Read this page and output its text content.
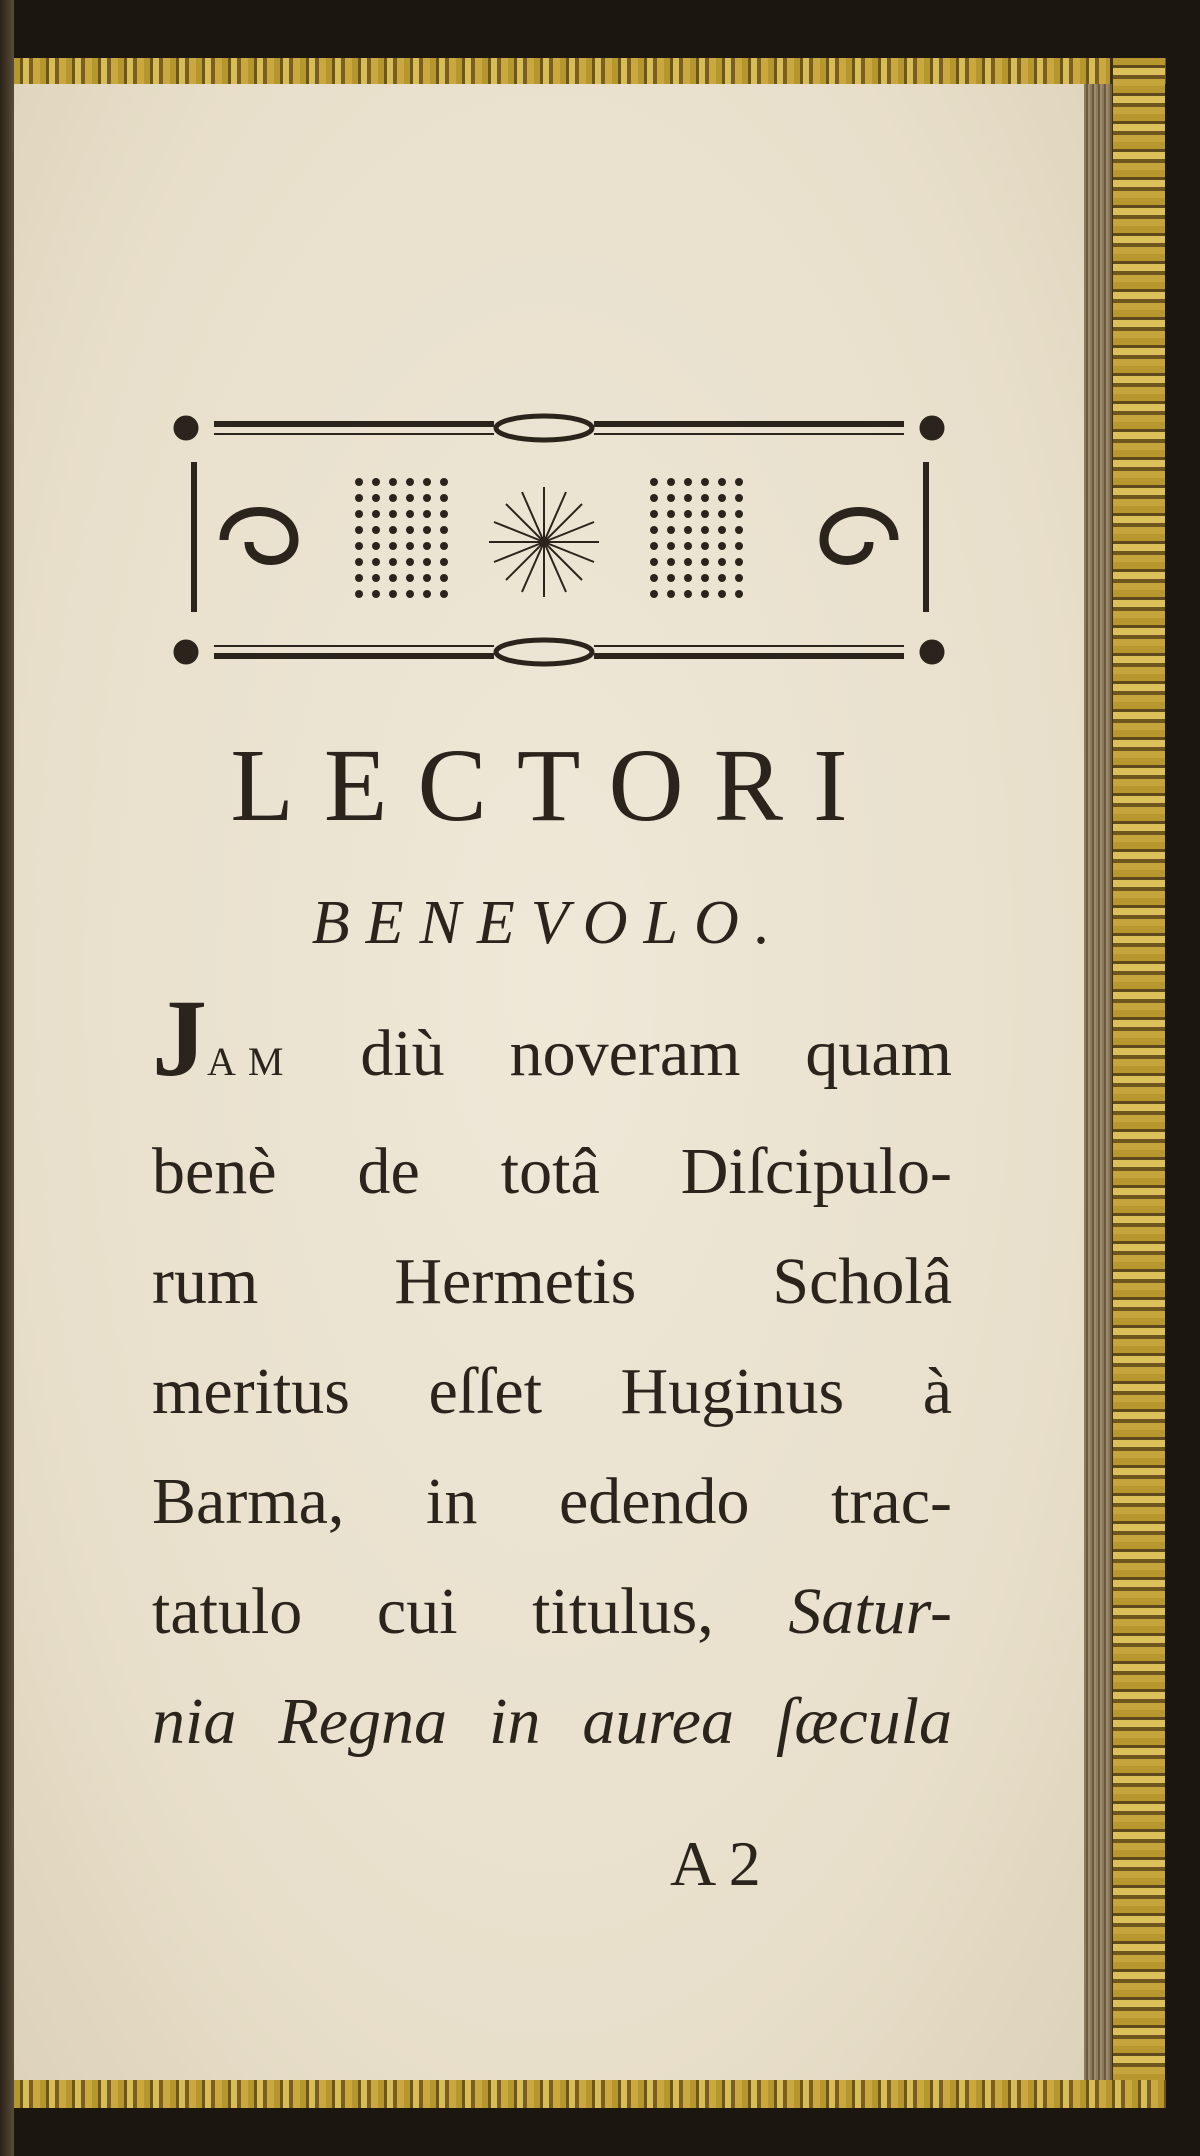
LECTORI
BENEVOLO.
JAM diù noveram quam
benè de totâ Diſcipulo-
rum Hermetis Scholâ
meritus eſſet Huginus à
Barma, in edendo trac-
tatulo cui titulus, Satur-
nia Regna in aurea ſæcula
A 2
